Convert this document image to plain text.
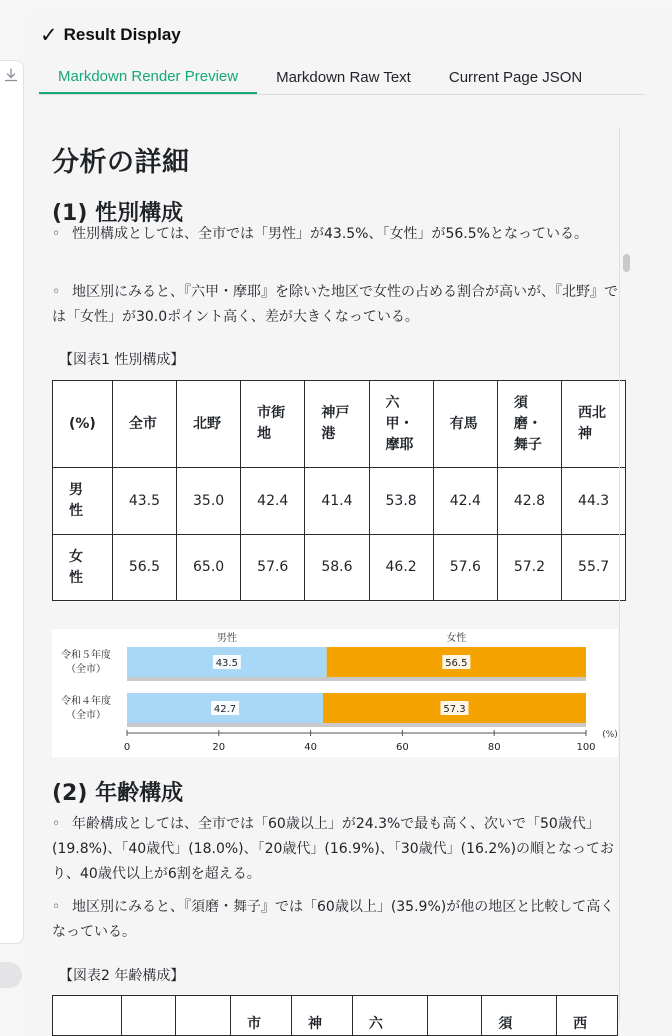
✓ Result Display
Markdown Render Preview	Markdown Raw Text	Current Page JSON
分析の詳細
(1) 性別構成

◦ 性別構成としては、全市では「男性」が43.5%、「女性」が56.5%となっている。

◦ 地区別にみると、『六甲・摩耶』を除いた地区で女性の占める割合が高いが、『北野』では「女性」が30.0ポイント高く、差が大きくなっている。

【図表1 性別構成】

(%)	全市	北野	市街地	神戸港	六甲・摩耶	有馬	須磨・舞子	西北神
男性	43.5	35.0	42.4	41.4	53.8	42.4	42.8	44.3
女性	56.5	65.0	57.6	58.6	46.2	57.6	57.2	55.7
男性	女性
43.5	56.5
令和５年度
（全市）
42.7	57.3
令和４年度
（全市）
0	20	40	60	80	100
(%)
(2) 年齢構成

◦ 年齢構成としては、全市では「60歳以上」が24.3%で最も高く、次いで「50歳代」(19.8%)、「40歳代」(18.0%)、「20歳代」(16.9%)、「30歳代」(16.2%)の順となっており、40歳代以上が6割を超える。

◦ 地区別にみると、『須磨・舞子』では「60歳以上」(35.9%)が他の地区と比較して高くなっている。

【図表2 年齢構成】

			市	神	六		須	西
